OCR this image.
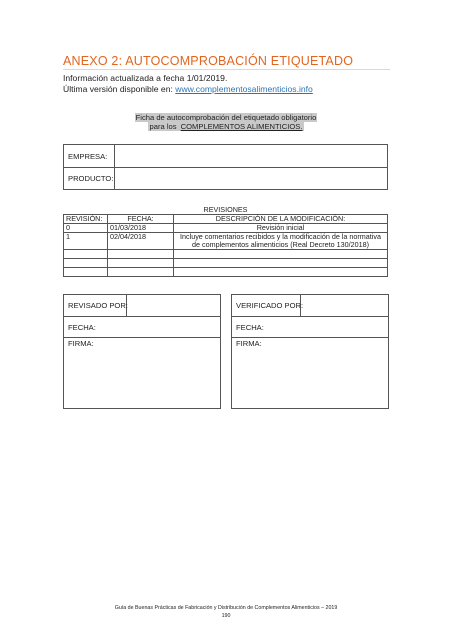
ANEXO 2: AUTOCOMPROBACIÓN ETIQUETADO
Información actualizada a fecha 1/01/2019.
Última versión disponible en: www.complementosalimenticios.info
Ficha de autocomprobación del etiquetado obligatorio
para los COMPLEMENTOS ALIMENTICIOS.
EMPRESA:
PRODUCTO:
REVISIONES		
REVISIÓN:	FECHA:	DESCRIPCIÓN DE LA MODIFICACIÓN:
0	01/03/2018	Revisión inicial
1	02/04/2018	Incluye comentarios recibidos y la modificación de la normativa
de complementos alimenticios (Real Decreto 130/2018)

REVISADO POR:
FECHA:
FIRMA:
VERIFICADO POR:
FECHA:
FIRMA:
Guía de Buenas Prácticas de Fabricación y Distribución de Complementos Alimenticios – 2019
190
